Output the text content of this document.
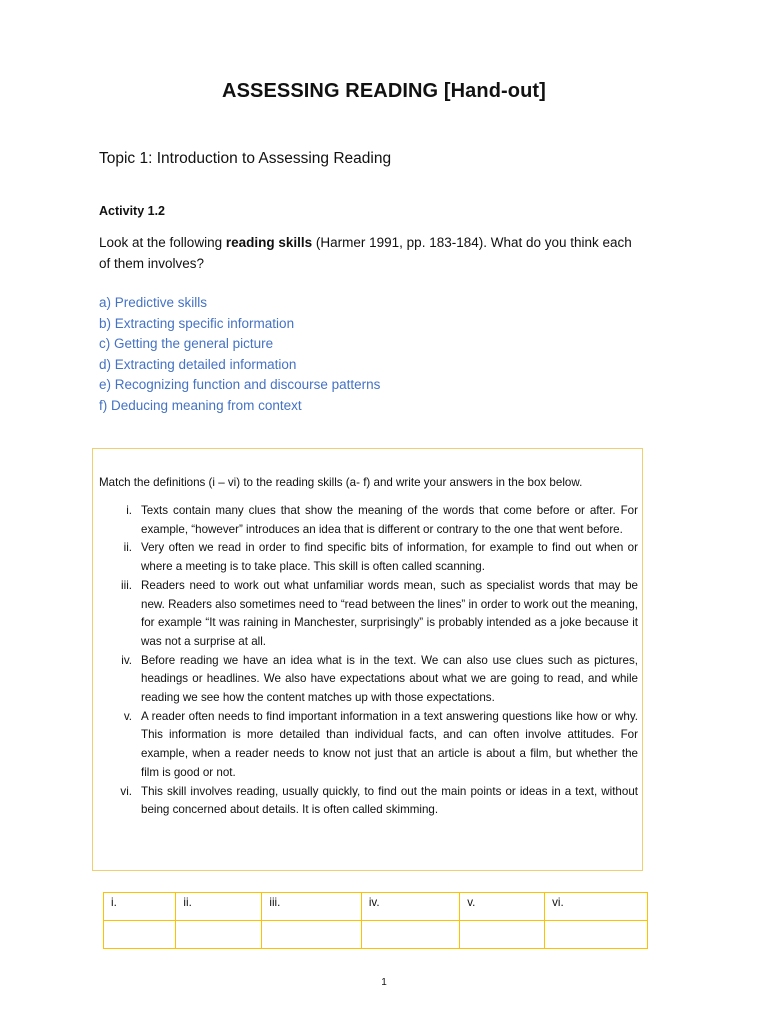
ASSESSING READING [Hand-out]
Topic 1: Introduction to Assessing Reading
Activity 1.2
Look at the following reading skills (Harmer 1991, pp. 183-184). What do you think each of them involves?
a) Predictive skills
b) Extracting specific information
c) Getting the general picture
d) Extracting detailed information
e) Recognizing function and discourse patterns
f) Deducing meaning from context
Match the definitions (i – vi) to the reading skills (a- f) and write your answers in the box below.
i. Texts contain many clues that show the meaning of the words that come before or after. For example, “however” introduces an idea that is different or contrary to the one that went before.
ii. Very often we read in order to find specific bits of information, for example to find out when or where a meeting is to take place. This skill is often called scanning.
iii. Readers need to work out what unfamiliar words mean, such as specialist words that may be new. Readers also sometimes need to “read between the lines” in order to work out the meaning, for example “It was raining in Manchester, surprisingly” is probably intended as a joke because it was not a surprise at all.
iv. Before reading we have an idea what is in the text. We can also use clues such as pictures, headings or headlines. We also have expectations about what we are going to read, and while reading we see how the content matches up with those expectations.
v. A reader often needs to find important information in a text answering questions like how or why. This information is more detailed than individual facts, and can often involve attitudes. For example, when a reader needs to know not just that an article is about a film, but whether the film is good or not.
vi. This skill involves reading, usually quickly, to find out the main points or ideas in a text, without being concerned about details. It is often called skimming.
i.	ii.	iii.	iv.	v.	vi.

1
